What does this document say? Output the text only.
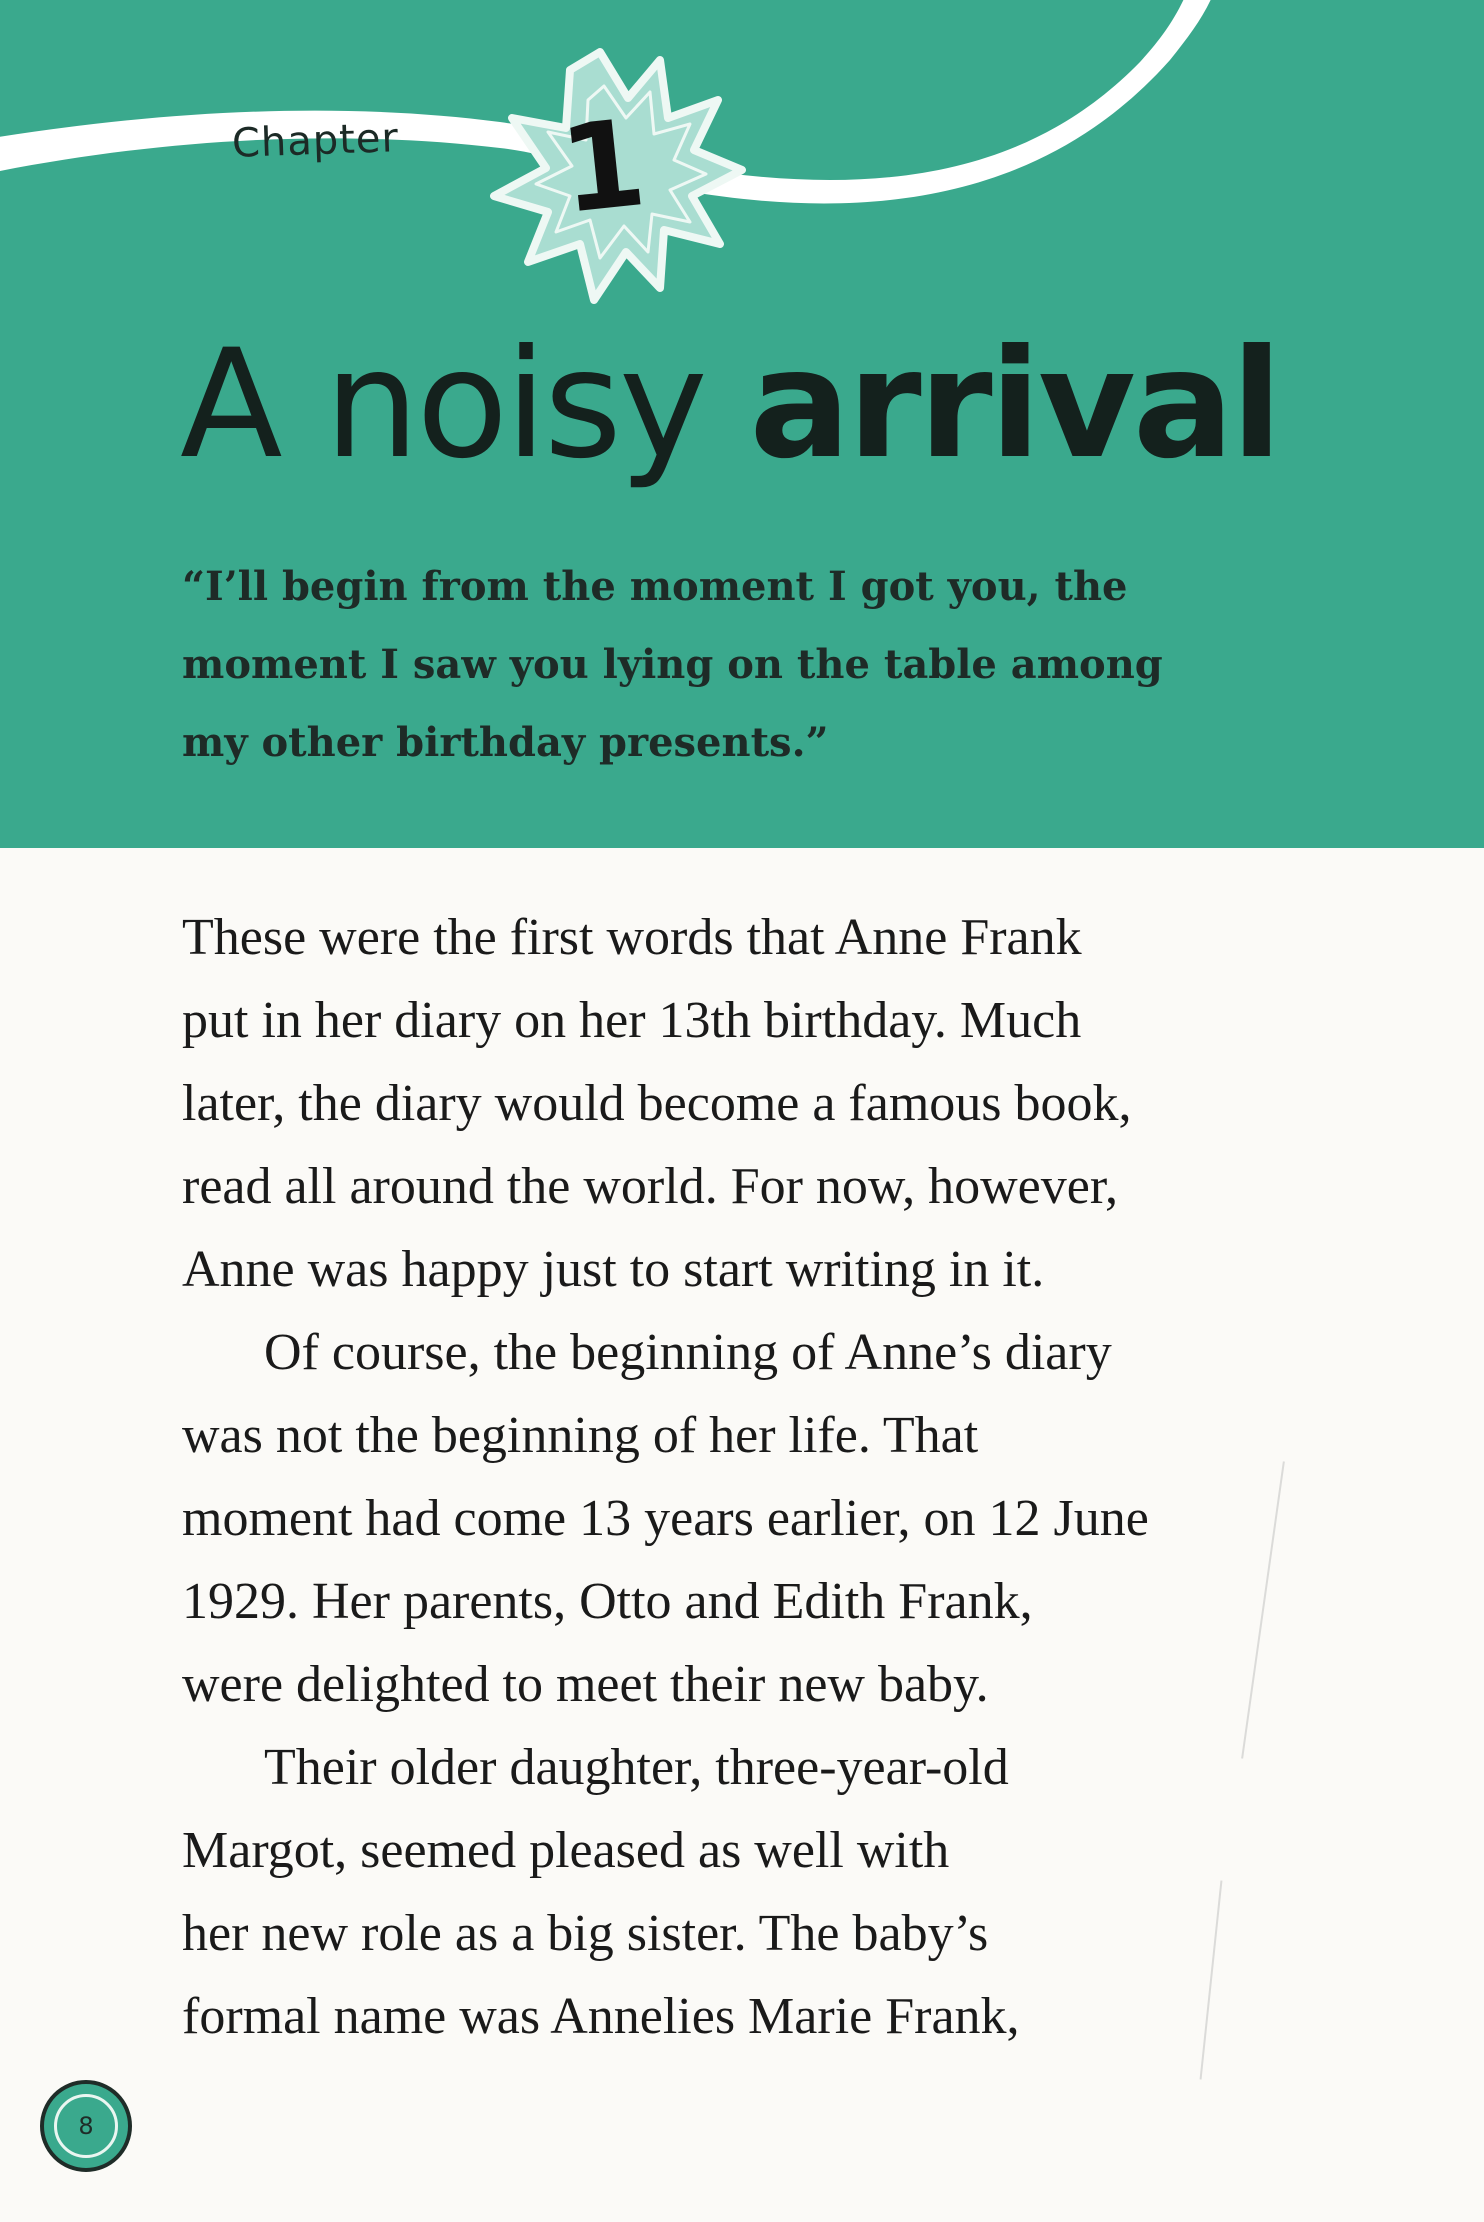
Chapter 1
A noisy arrival
“I’ll begin from the moment I got you, the
moment I saw you lying on the table among
my other birthday presents.”
These were the first words that Anne Frank
put in her diary on her 13th birthday. Much
later, the diary would become a famous book,
read all around the world. For now, however,
Anne was happy just to start writing in it.
Of course, the beginning of Anne’s diary
was not the beginning of her life. That
moment had come 13 years earlier, on 12 June
1929. Her parents, Otto and Edith Frank,
were delighted to meet their new baby.
Their older daughter, three-year-old
Margot, seemed pleased as well with
her new role as a big sister. The baby’s
formal name was Annelies Marie Frank,
8
